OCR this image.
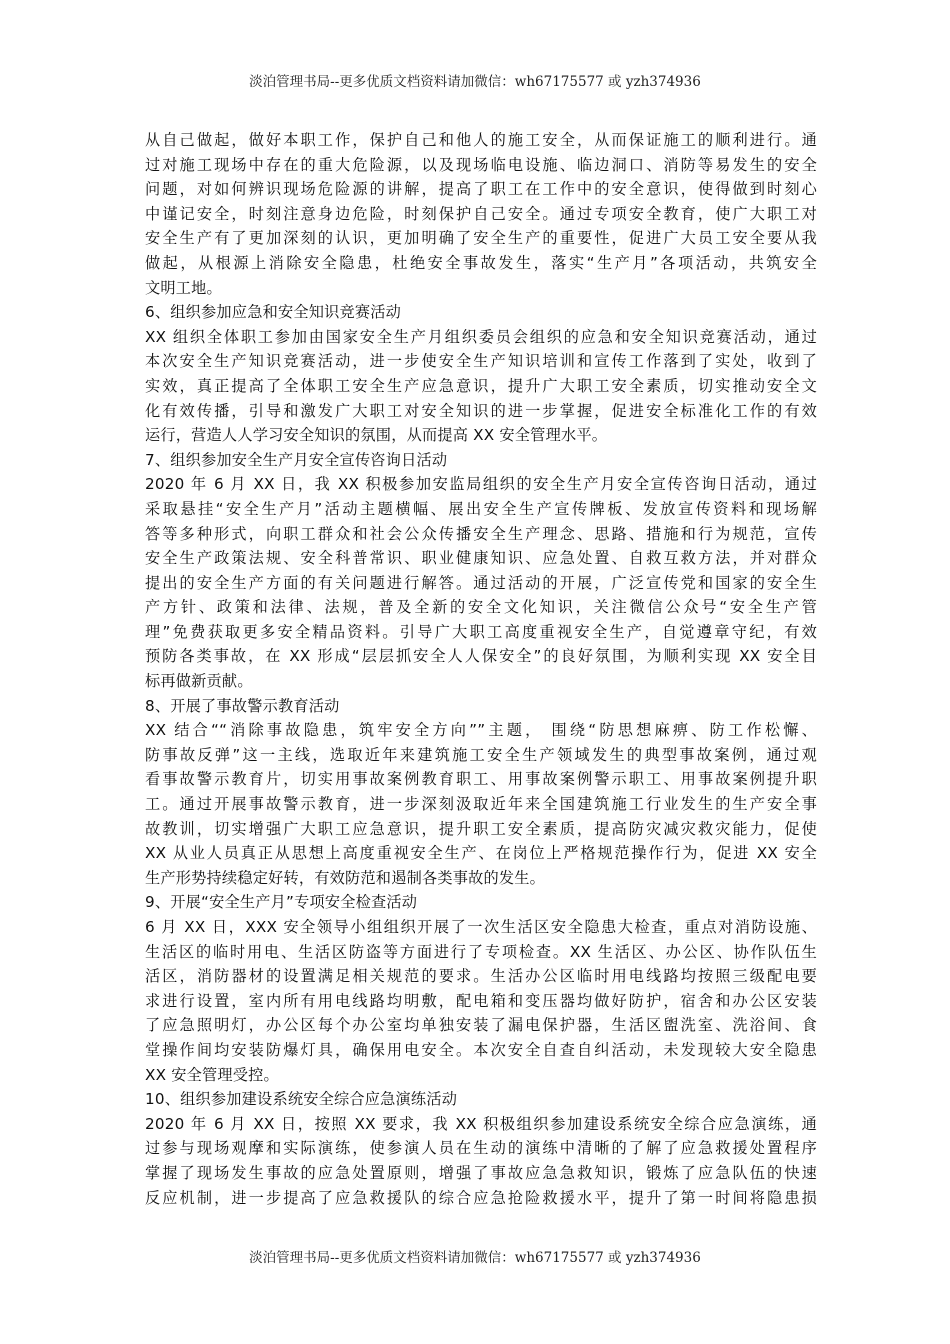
淡泊管理书局--更多优质文档资料请加微信：wh67175577 或 yzh374936
从自己做起，做好本职工作，保护自己和他人的施工安全，从而保证施工的顺利进行。通
过对施工现场中存在的重大危险源，以及现场临电设施、临边洞口、消防等易发生的安全
问题，对如何辨识现场危险源的讲解，提高了职工在工作中的安全意识，使得做到时刻心
中谨记安全，时刻注意身边危险，时刻保护自己安全。通过专项安全教育，使广大职工对
安全生产有了更加深刻的认识，更加明确了安全生产的重要性，促进广大员工安全要从我
做起，从根源上消除安全隐患，杜绝安全事故发生，落实“生产月”各项活动，共筑安全
文明工地。
6、组织参加应急和安全知识竞赛活动
XX 组织全体职工参加由国家安全生产月组织委员会组织的应急和安全知识竞赛活动，通过
本次安全生产知识竞赛活动，进一步使安全生产知识培训和宣传工作落到了实处，收到了
实效，真正提高了全体职工安全生产应急意识，提升广大职工安全素质，切实推动安全文
化有效传播，引导和激发广大职工对安全知识的进一步掌握，促进安全标准化工作的有效
运行，营造人人学习安全知识的氛围，从而提高 XX 安全管理水平。
7、组织参加安全生产月安全宣传咨询日活动
2020 年 6 月 XX 日，我 XX 积极参加安监局组织的安全生产月安全宣传咨询日活动，通过
采取悬挂“安全生产月”活动主题横幅、展出安全生产宣传牌板、发放宣传资料和现场解
答等多种形式，向职工群众和社会公众传播安全生产理念、思路、措施和行为规范，宣传
安全生产政策法规、安全科普常识、职业健康知识、应急处置、自救互救方法，并对群众
提出的安全生产方面的有关问题进行解答。通过活动的开展，广泛宣传党和国家的安全生
产方针、政策和法律、法规，普及全新的安全文化知识，关注微信公众号“安全生产管
理”免费获取更多安全精品资料。引导广大职工高度重视安全生产，自觉遵章守纪，有效
预防各类事故，在 XX 形成“层层抓安全人人保安全”的良好氛围，为顺利实现 XX 安全目
标再做新贡献。
8、开展了事故警示教育活动
XX 结合““消除事故隐患，筑牢安全方向””主题， 围绕“防思想麻痹、防工作松懈、
防事故反弹”这一主线，选取近年来建筑施工安全生产领域发生的典型事故案例，通过观
看事故警示教育片，切实用事故案例教育职工、用事故案例警示职工、用事故案例提升职
工。通过开展事故警示教育，进一步深刻汲取近年来全国建筑施工行业发生的生产安全事
故教训，切实增强广大职工应急意识，提升职工安全素质，提高防灾减灾救灾能力，促使
XX 从业人员真正从思想上高度重视安全生产、在岗位上严格规范操作行为，促进 XX 安全
生产形势持续稳定好转，有效防范和遏制各类事故的发生。
9、开展“安全生产月”专项安全检查活动
6 月 XX 日，XXX 安全领导小组组织开展了一次生活区安全隐患大检查，重点对消防设施、
生活区的临时用电、生活区防盗等方面进行了专项检查。XX 生活区、办公区、协作队伍生
活区，消防器材的设置满足相关规范的要求。生活办公区临时用电线路均按照三级配电要
求进行设置，室内所有用电线路均明敷，配电箱和变压器均做好防护，宿舍和办公区安装
了应急照明灯，办公区每个办公室均单独安装了漏电保护器，生活区盥洗室、洗浴间、食
堂操作间均安装防爆灯具，确保用电安全。本次安全自查自纠活动，未发现较大安全隐患
XX 安全管理受控。
10、组织参加建设系统安全综合应急演练活动
2020 年 6 月 XX 日，按照 XX 要求，我 XX 积极组织参加建设系统安全综合应急演练，通
过参与现场观摩和实际演练，使参演人员在生动的演练中清晰的了解了应急救援处置程序
掌握了现场发生事故的应急处置原则，增强了事故应急急救知识，锻炼了应急队伍的快速
反应机制，进一步提高了应急救援队的综合应急抢险救援水平，提升了第一时间将隐患损
淡泊管理书局--更多优质文档资料请加微信：wh67175577 或 yzh374936
